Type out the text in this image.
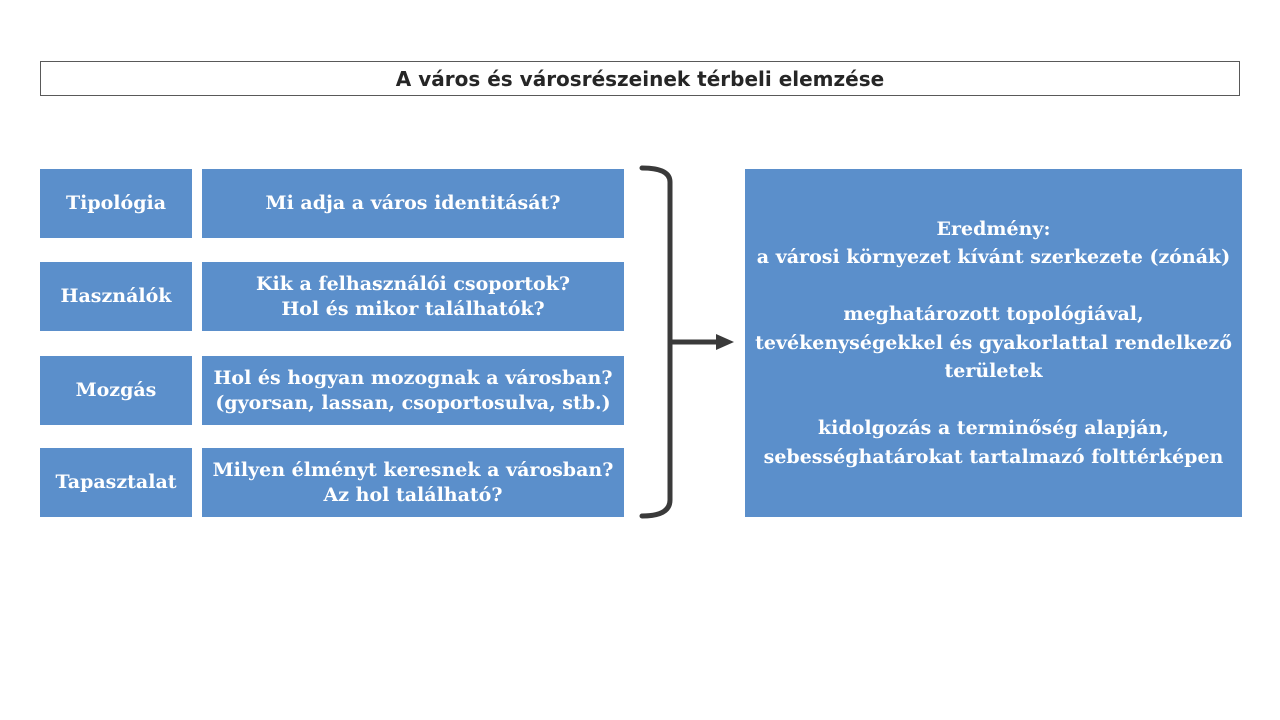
A város és városrészeinek térbeli elemzése
Tipológia	Mi adja a város identitását?
Használók
Kik a felhasználói csoportok?
Hol és mikor találhatók?
Mozgás
Hol és hogyan mozognak a városban?
(gyorsan, lassan, csoportosulva, stb.)
Tapasztalat
Milyen élményt keresnek a városban?
Az hol található?
Eredmény:
a városi környezet kívánt szerkezete (zónák)

meghatározott topológiával,
tevékenységekkel és gyakorlattal rendelkező
területek

kidolgozás a terminőség alapján,
sebességhatárokat tartalmazó folttérképen
